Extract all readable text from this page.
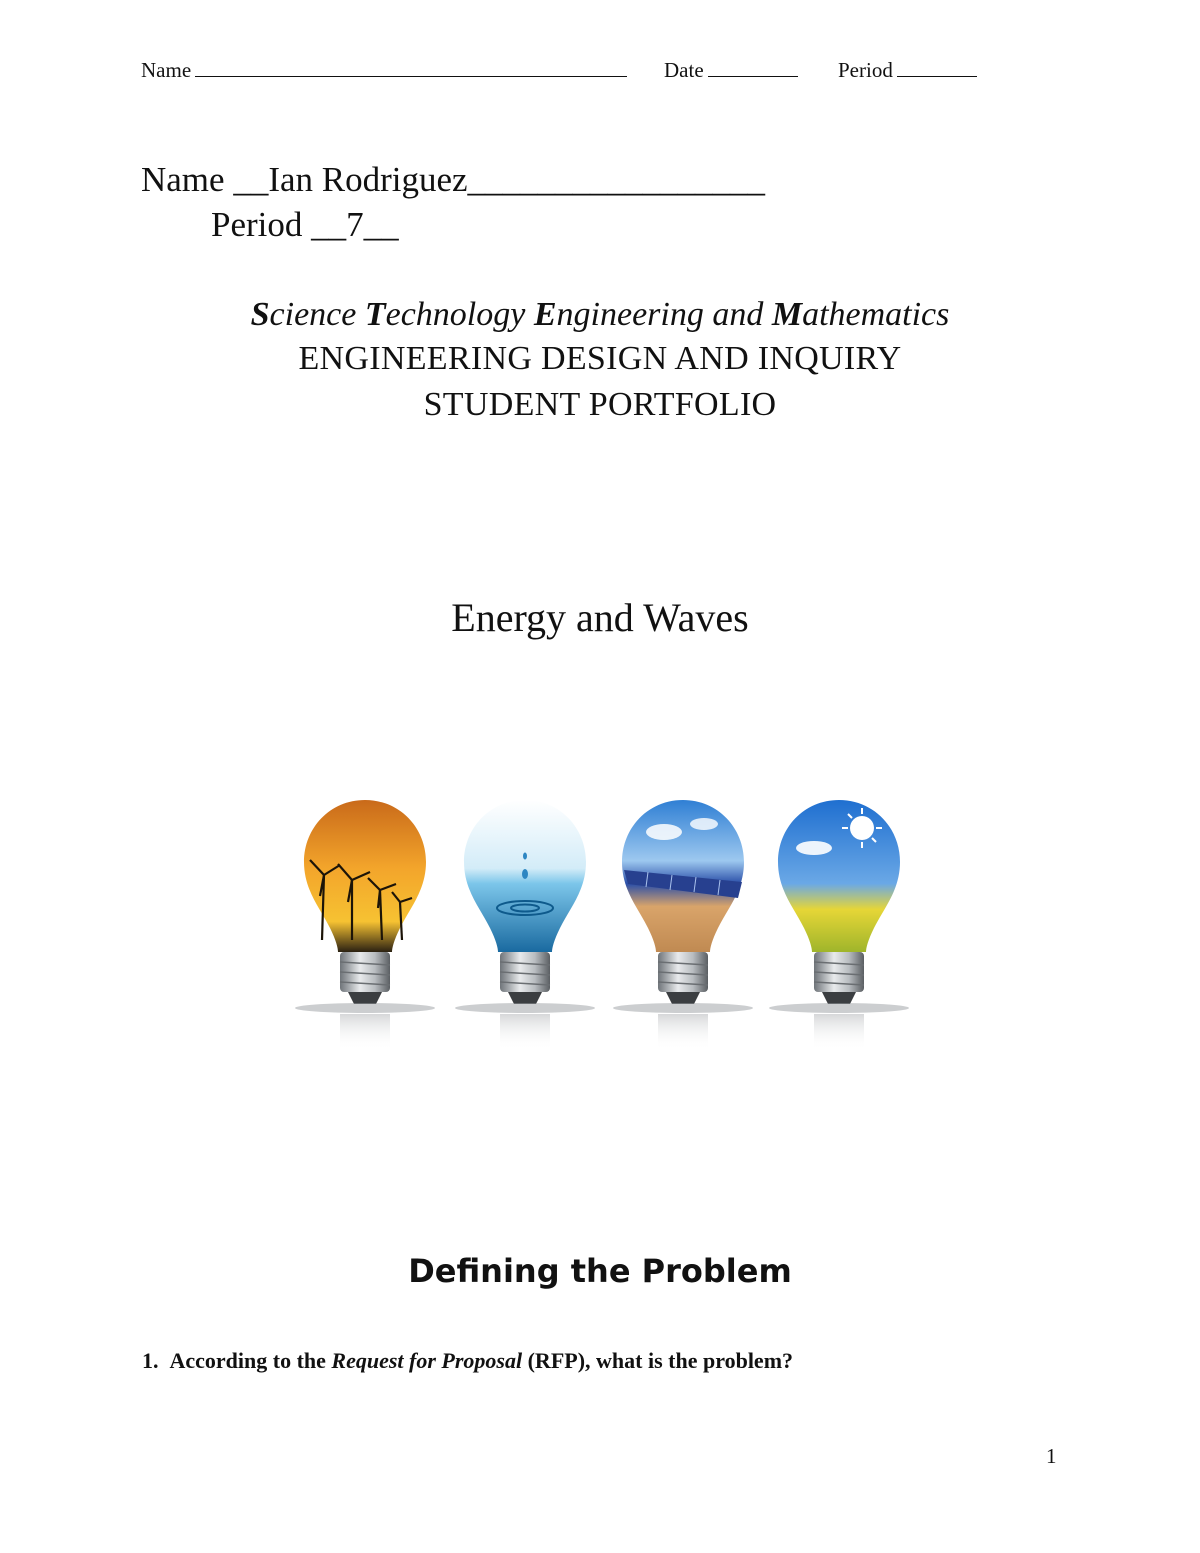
Name	Date	Period
Name __Ian Rodriguez_________________
Period __7__
Science Technology Engineering and Mathematics
ENGINEERING DESIGN AND INQUIRY
STUDENT PORTFOLIO
Energy and Waves
Defining the Problem
1. According to the Request for Proposal (RFP), what is the problem?
1
